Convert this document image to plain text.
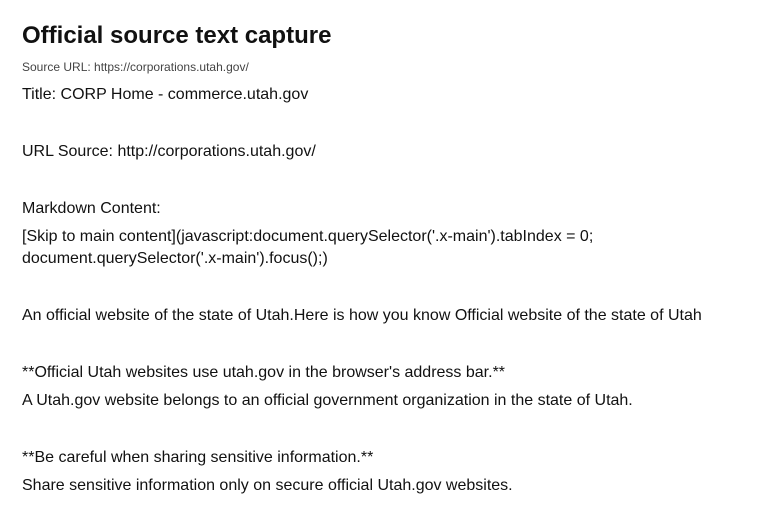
Official source text capture

Source URL: https://corporations.utah.gov/

Title: CORP Home - commerce.utah.gov

URL Source: http://corporations.utah.gov/

Markdown Content:

[Skip to main content](javascript:document.querySelector('.x-main').tabIndex = 0;

document.querySelector('.x-main').focus();)

An official website of the state of Utah.Here is how you know Official website of the state of Utah

**Official Utah websites use utah.gov in the browser's address bar.**

A Utah.gov website belongs to an official government organization in the state of Utah.

**Be careful when sharing sensitive information.**

Share sensitive information only on secure official Utah.gov websites.
